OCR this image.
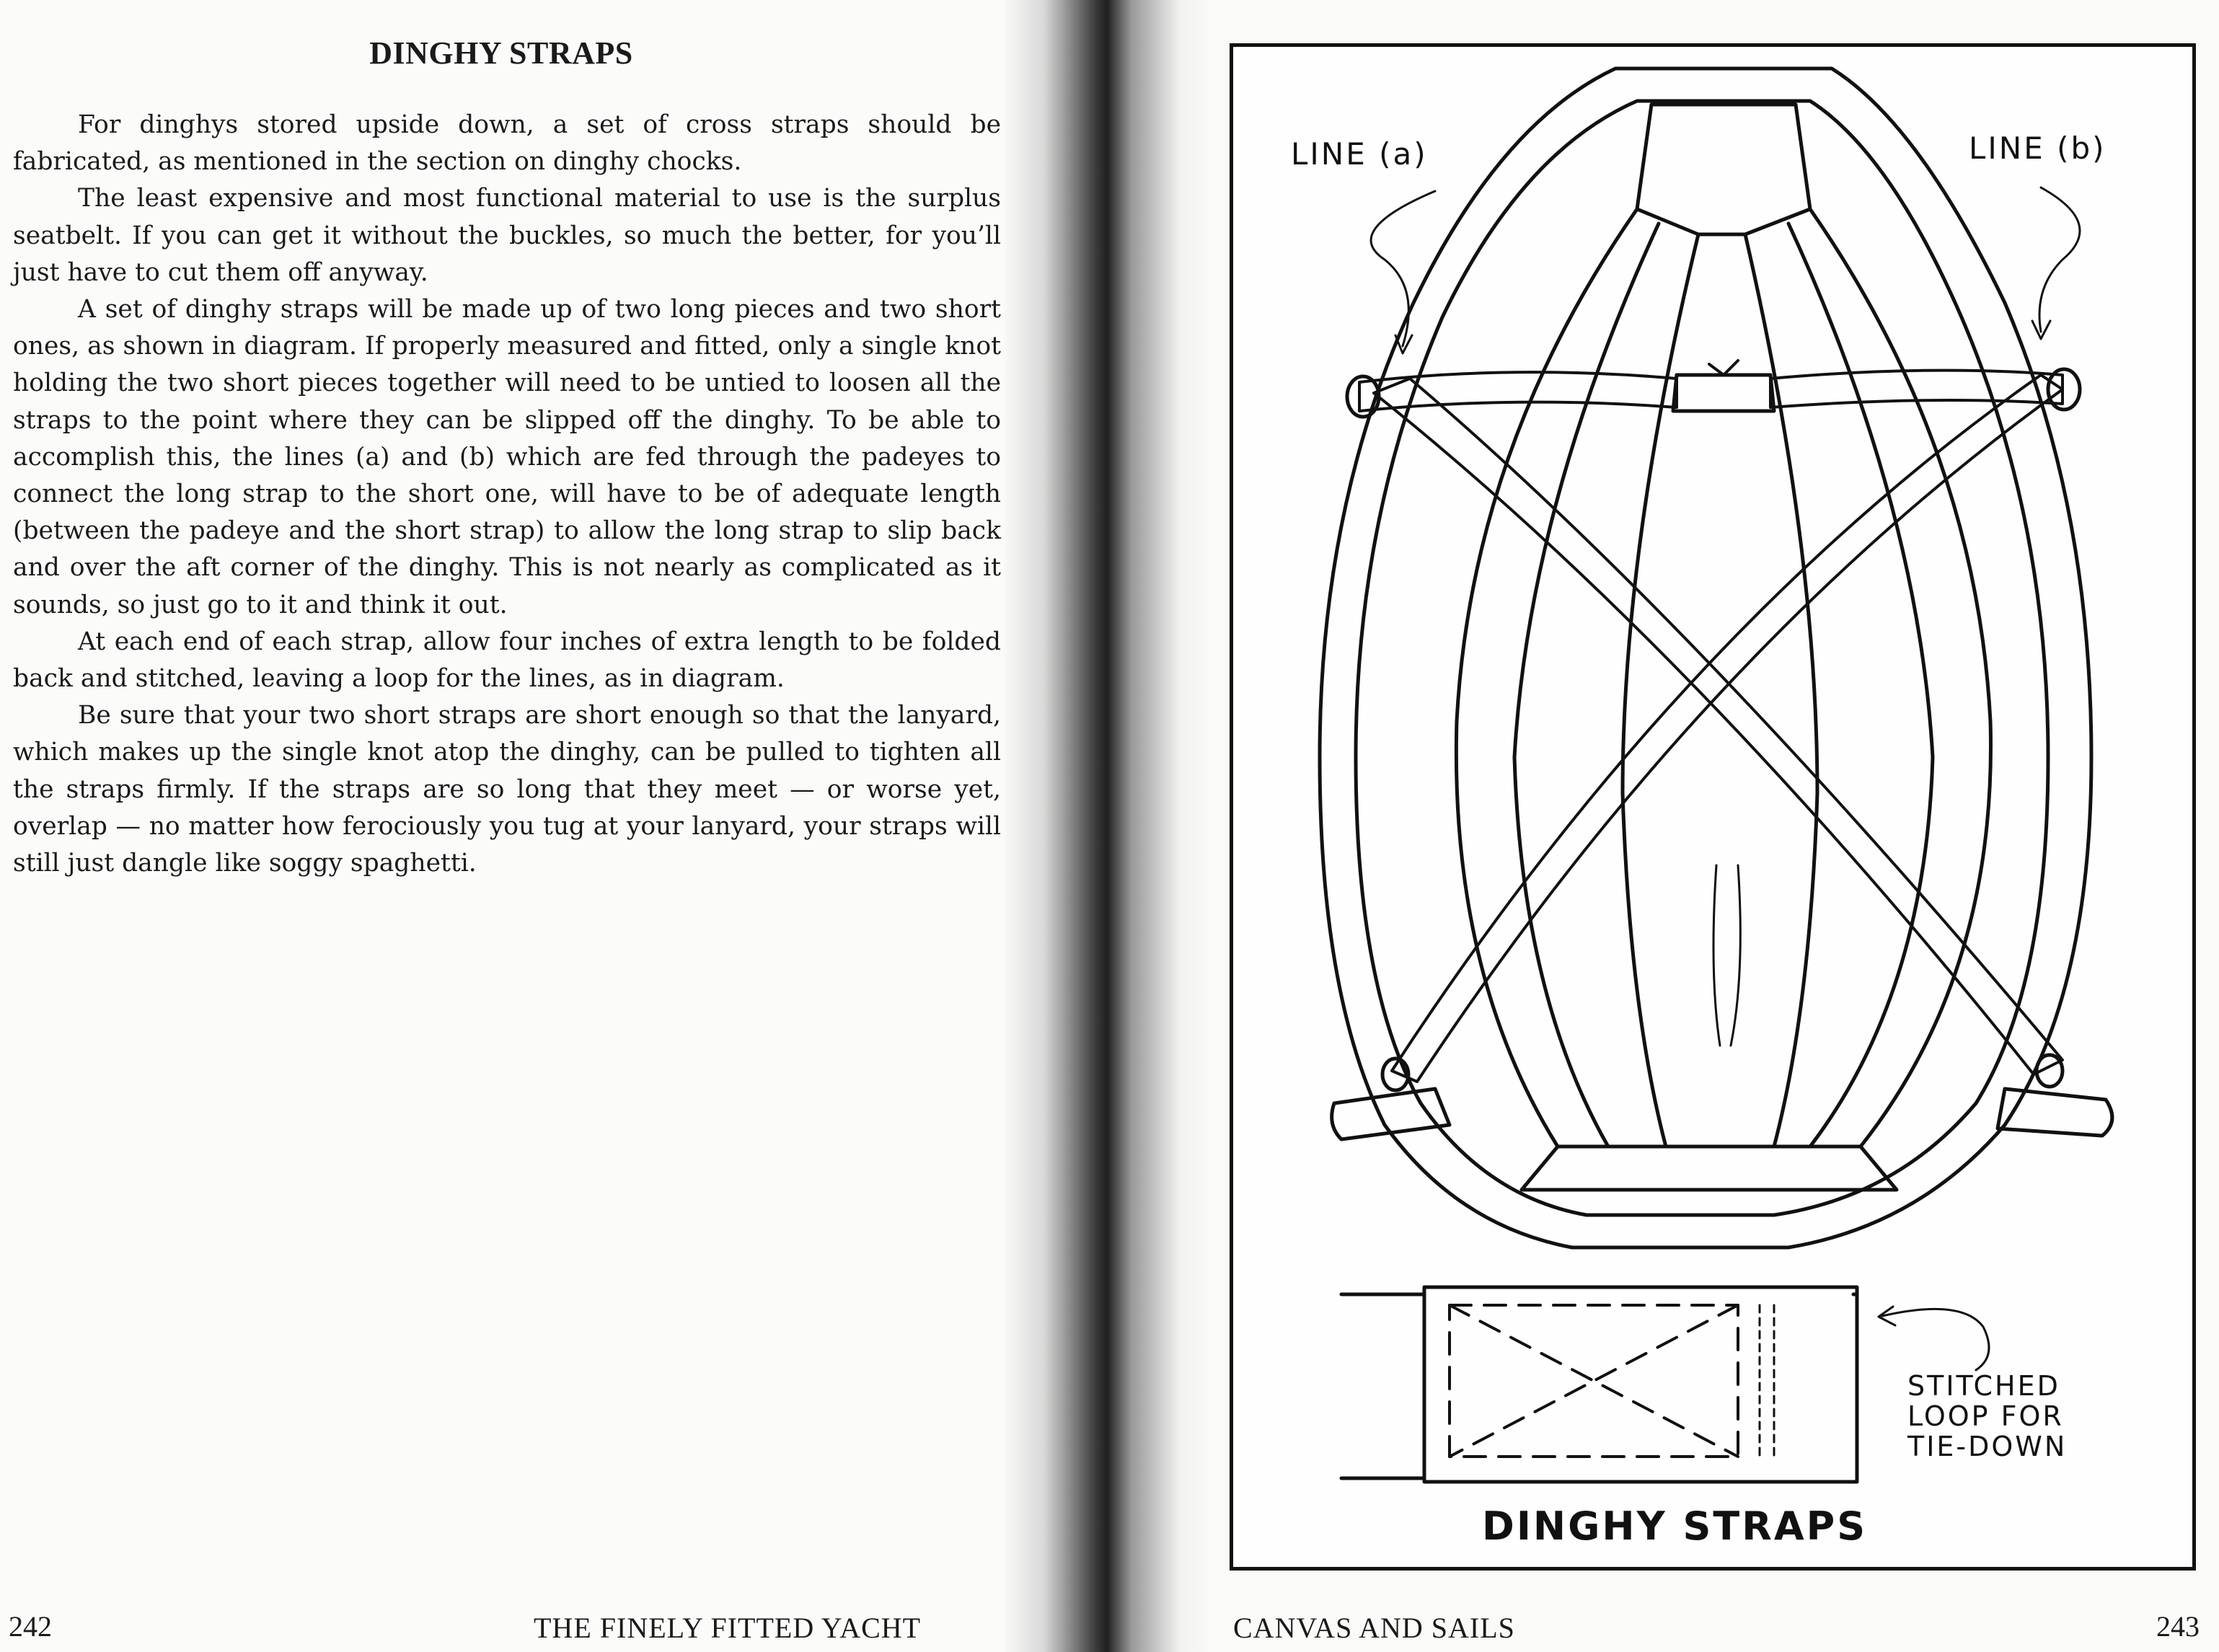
DINGHY STRAPS

For dinghys stored upside down, a set of cross straps should be fabricated, as mentioned in the section on dinghy chocks.

The least expensive and most functional material to use is the surplus seatbelt. If you can get it without the buckles, so much the better, for you’ll just have to cut them off anyway.

A set of dinghy straps will be made up of two long pieces and two short ones, as shown in diagram. If properly measured and fitted, only a single knot holding the two short pieces together will need to be untied to loosen all the straps to the point where they can be slipped off the dinghy. To be able to accomplish this, the lines (a) and (b) which are fed through the padeyes to connect the long strap to the short one, will have to be of adequate length (between the padeye and the short strap) to allow the long strap to slip back and over the aft corner of the dinghy. This is not nearly as complicated as it sounds, so just go to it and think it out.

At each end of each strap, allow four inches of extra length to be folded back and stitched, leaving a loop for the lines, as in diagram.

Be sure that your two short straps are short enough so that the lanyard, which makes up the single knot atop the dinghy, can be pulled to tighten all the straps firmly. If the straps are so long that they meet — or worse yet, overlap — no matter how ferociously you tug at your lanyard, your straps will still just dangle like soggy spaghetti.

242	THE FINELY FITTED YACHT
LINE (a)	LINE (b)
STITCHED
LOOP FOR
TIE-DOWN
DINGHY STRAPS
CANVAS AND SAILS	243
